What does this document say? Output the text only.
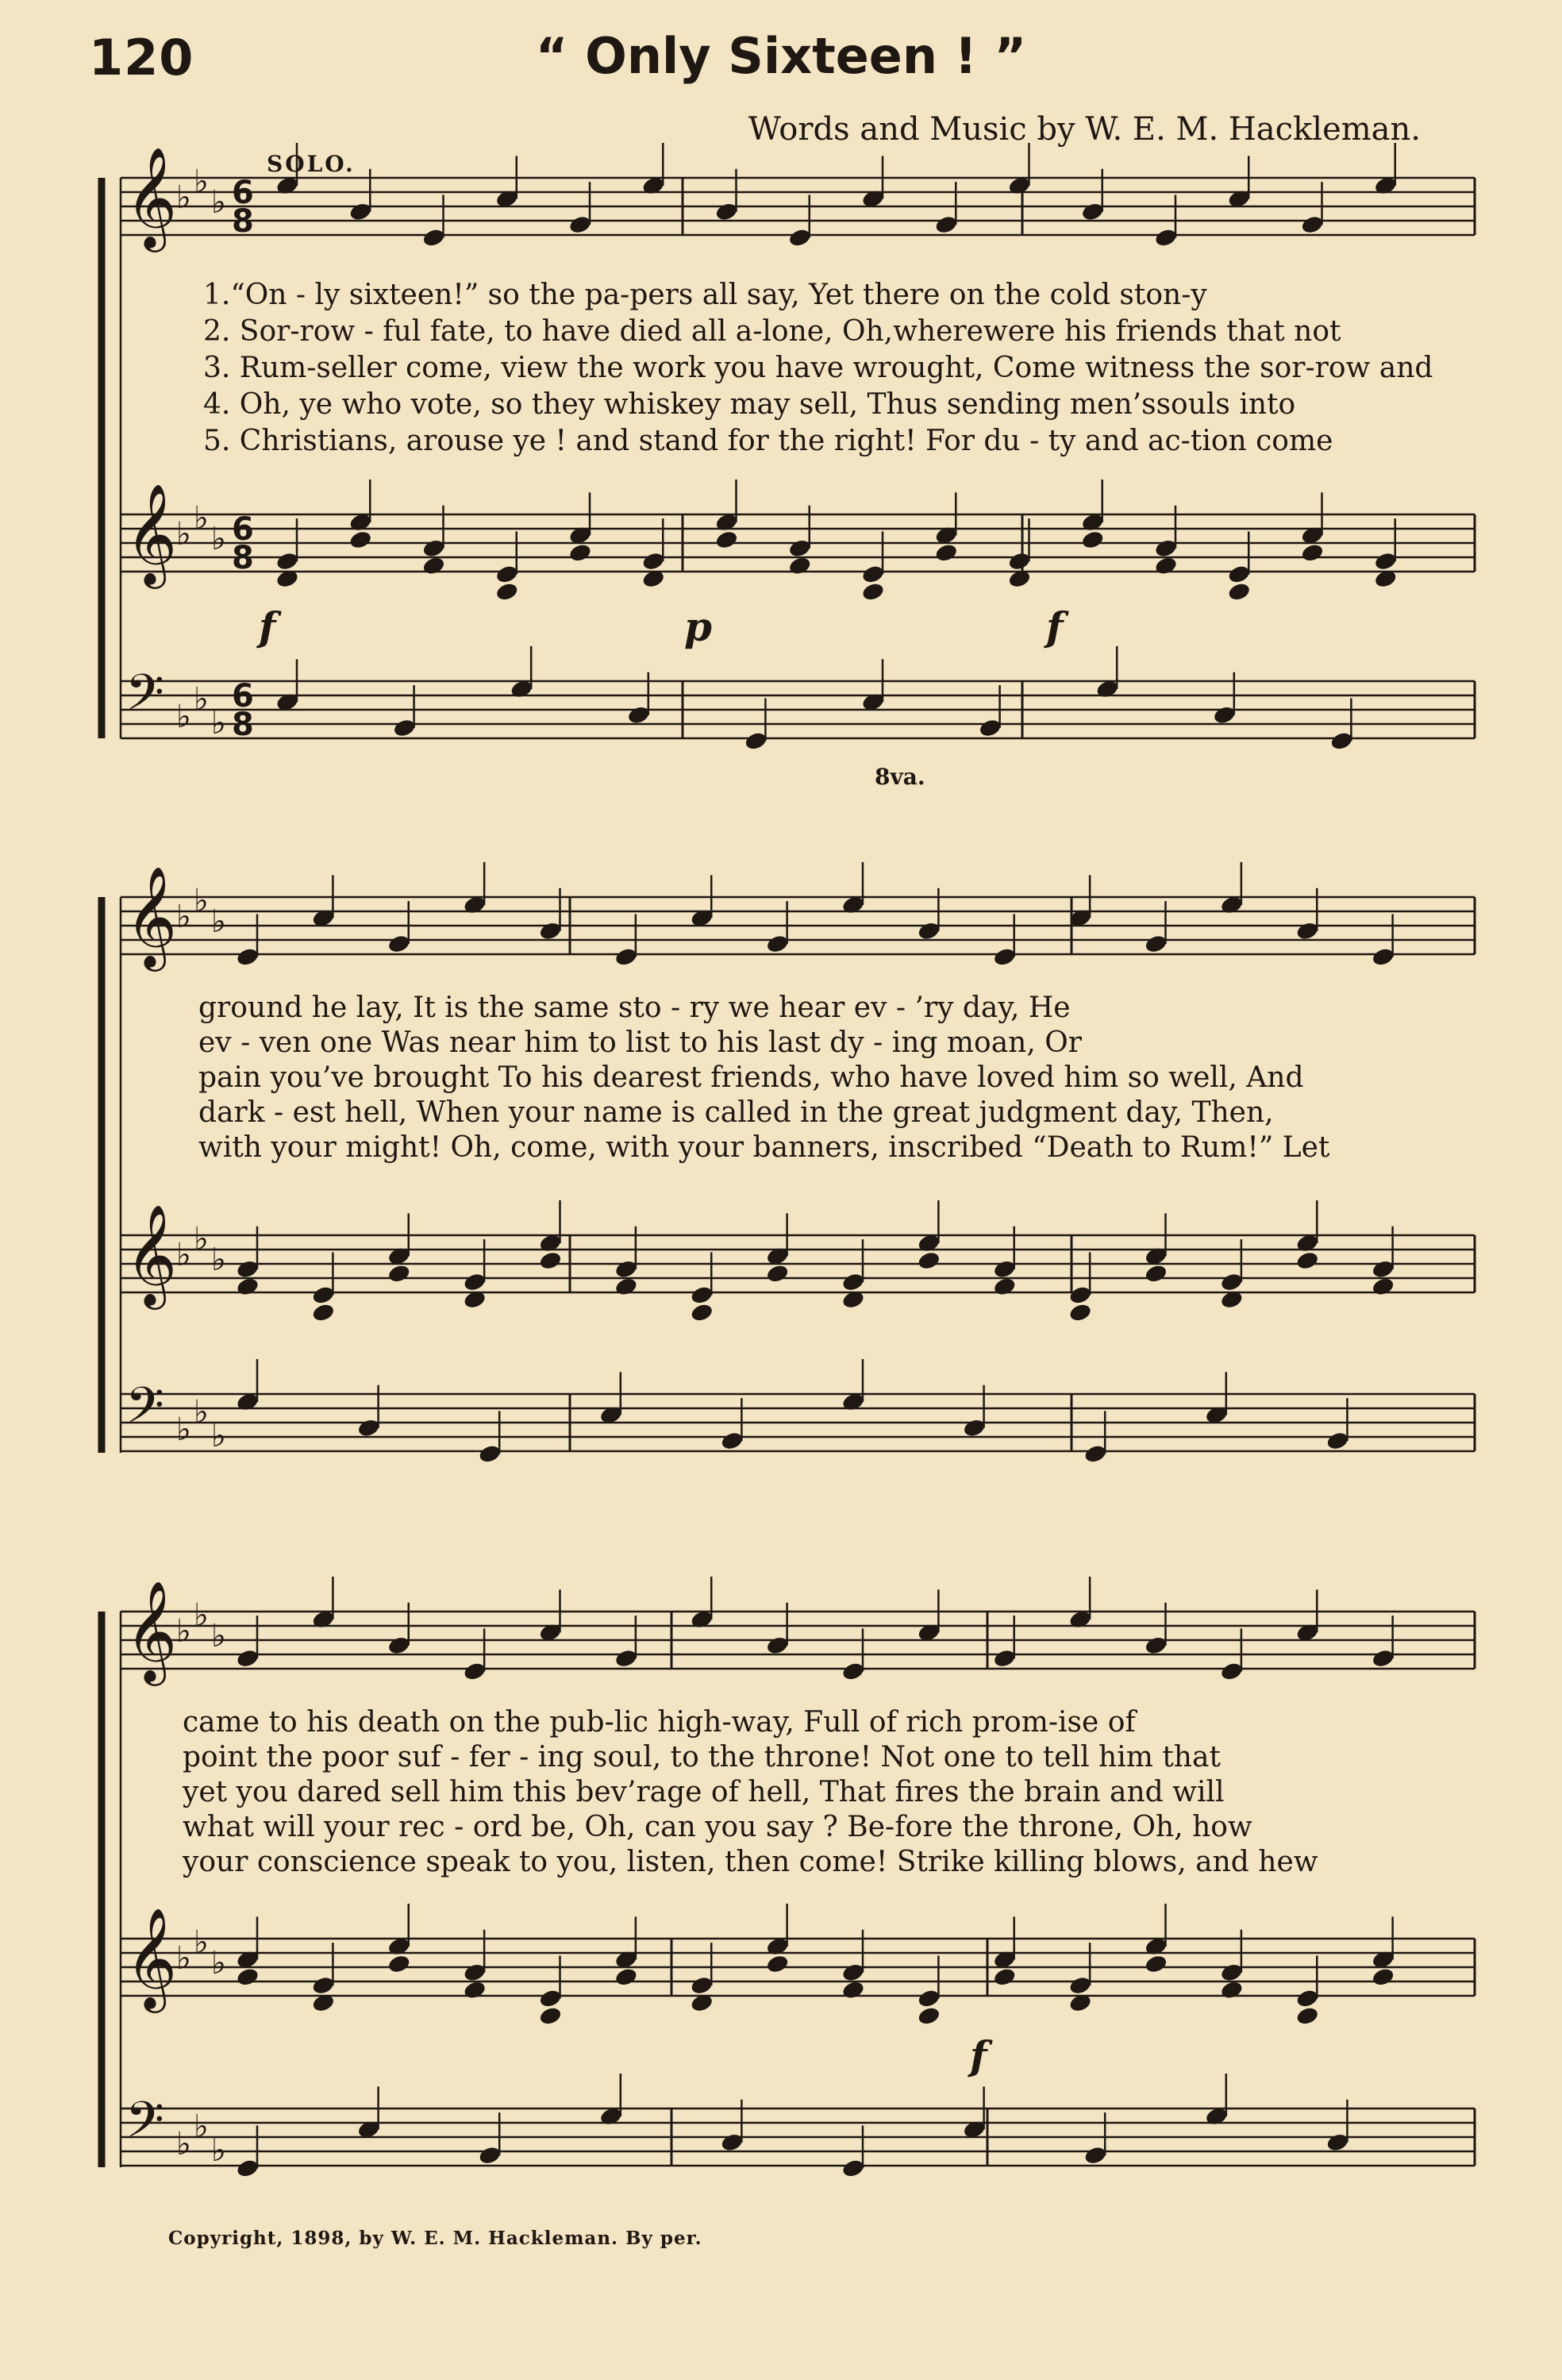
120	“ Only Sixteen ! ”
Words and Music by W. E. M. Hackleman.
SOLO.
𝄞
♭ ♭
♭ 6
8
𝄞
♭ ♭
♭ 6
8
𝄢 ♭ ♭
♭
6
8
𝄞
♭ ♭
♭
𝄞
♭ ♭
♭
𝄢 ♭ ♭
♭
𝄞
♭ ♭
♭
𝄞
♭ ♭
♭
𝄢 ♭ ♭
♭
1.“On - ly sixteen!” so the pa-pers all say, Yet there on the cold ston-y
2. Sor-row - ful fate, to have died all a-lone, Oh,wherewere his friends that not
3. Rum-seller come, view the work you have wrought, Come witness the sor-row and
4. Oh, ye who vote, so they whiskey may sell, Thus sending men’ssouls into
5. Christians, arouse ye ! and stand for the right! For du - ty and ac-tion come
ground he lay, It is the same sto - ry we hear ev - ’ry day, He
ev - ven one Was near him to list to his last dy - ing moan, Or
pain you’ve brought To his dearest friends, who have loved him so well, And
dark - est hell, When your name is called in the great judgment day, Then,
with your might! Oh, come, with your banners, inscribed “Death to Rum!” Let
came to his death on the pub-lic high-way, Full of rich prom-ise of
point the poor suf - fer - ing soul, to the throne! Not one to tell him that
yet you dared sell him this bev’rage of hell, That fires the brain and will
what will your rec - ord be, Oh, can you say ? Be-fore the throne, Oh, how
your conscience speak to you, listen, then come! Strike killing blows, and hew
f	p	f
f
8va.
Copyright, 1898, by W. E. M. Hackleman. By per.
